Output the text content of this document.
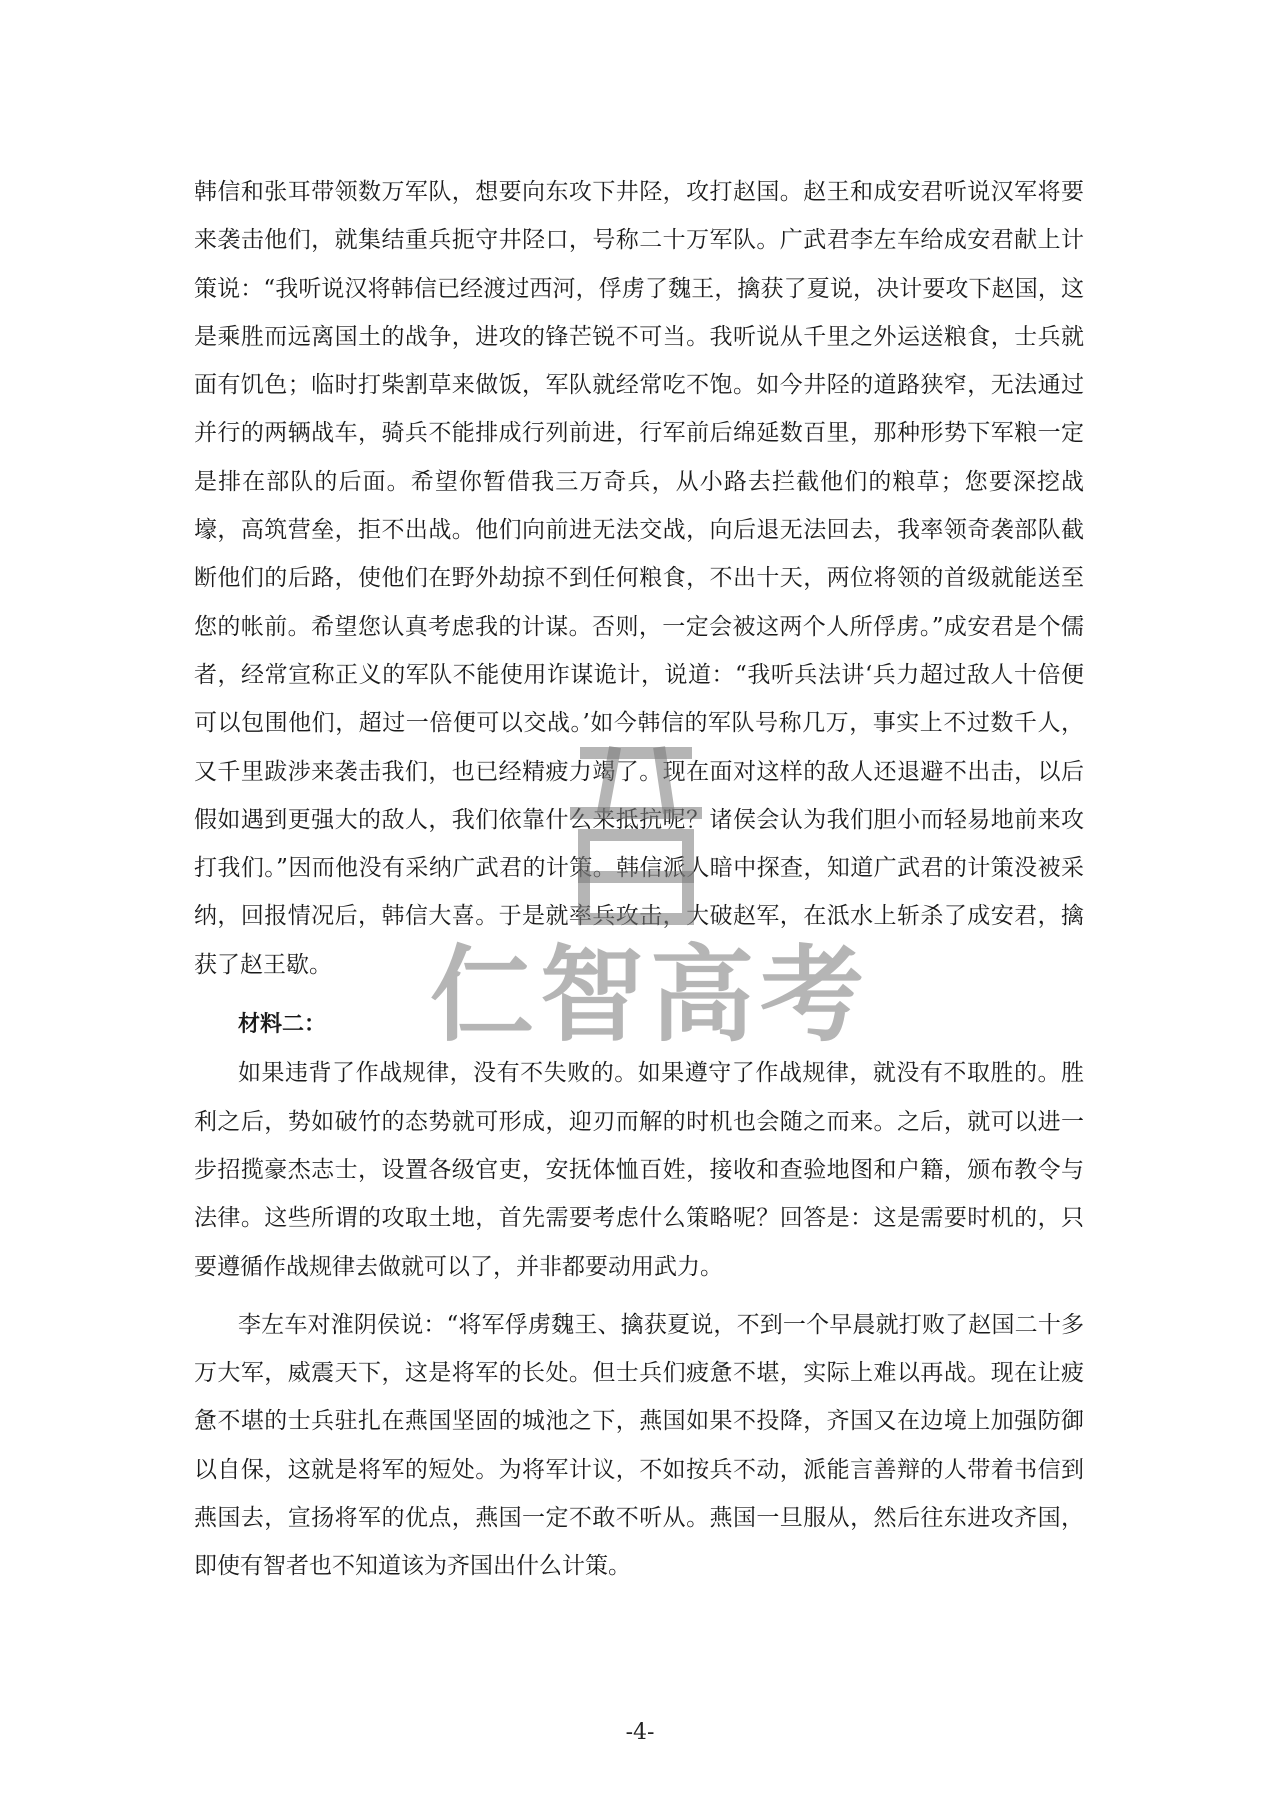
韩信和张耳带领数万军队，想要向东攻下井陉，攻打赵国。赵王和成安君听说汉军将要来袭击他们，就集结重兵扼守井陉口，号称二十万军队。广武君李左车给成安君献上计策说：“我听说汉将韩信已经渡过西河，俘虏了魏王，擒获了夏说，决计要攻下赵国，这是乘胜而远离国土的战争，进攻的锋芒锐不可当。我听说从千里之外运送粮食，士兵就面有饥色；临时打柴割草来做饭，军队就经常吃不饱。如今井陉的道路狭窄，无法通过并行的两辆战车，骑兵不能排成行列前进，行军前后绵延数百里，那种形势下军粮一定是排在部队的后面。希望你暂借我三万奇兵，从小路去拦截他们的粮草；您要深挖战壕，高筑营垒，拒不出战。他们向前进无法交战，向后退无法回去，我率领奇袭部队截断他们的后路，使他们在野外劫掠不到任何粮食，不出十天，两位将领的首级就能送至您的帐前。希望您认真考虑我的计谋。否则，一定会被这两个人所俘虏。”成安君是个儒者，经常宣称正义的军队不能使用诈谋诡计，说道：“我听兵法讲‘兵力超过敌人十倍便可以包围他们，超过一倍便可以交战。’如今韩信的军队号称几万，事实上不过数千人，又千里跋涉来袭击我们，也已经精疲力竭了。现在面对这样的敌人还退避不出击，以后假如遇到更强大的敌人，我们依靠什么来抵抗呢？诸侯会认为我们胆小而轻易地前来攻打我们。”因而他没有采纳广武君的计策。韩信派人暗中探查，知道广武君的计策没被采纳，回报情况后，韩信大喜。于是就率兵攻击，大破赵军，在泜水上斩杀了成安君，擒获了赵王歇。

材料二：

如果违背了作战规律，没有不失败的。如果遵守了作战规律，就没有不取胜的。胜利之后，势如破竹的态势就可形成，迎刃而解的时机也会随之而来。之后，就可以进一步招揽豪杰志士，设置各级官吏，安抚体恤百姓，接收和查验地图和户籍，颁布教令与法律。这些所谓的攻取土地，首先需要考虑什么策略呢？回答是：这是需要时机的，只要遵循作战规律去做就可以了，并非都要动用武力。

李左车对淮阴侯说：“将军俘虏魏王、擒获夏说，不到一个早晨就打败了赵国二十多万大军，威震天下，这是将军的长处。但士兵们疲惫不堪，实际上难以再战。现在让疲惫不堪的士兵驻扎在燕国坚固的城池之下，燕国如果不投降，齐国又在边境上加强防御以自保，这就是将军的短处。为将军计议，不如按兵不动，派能言善辩的人带着书信到燕国去，宣扬将军的优点，燕国一定不敢不听从。燕国一旦服从，然后往东进攻齐国，即使有智者也不知道该为齐国出什么计策。

仁智高考
-4-
